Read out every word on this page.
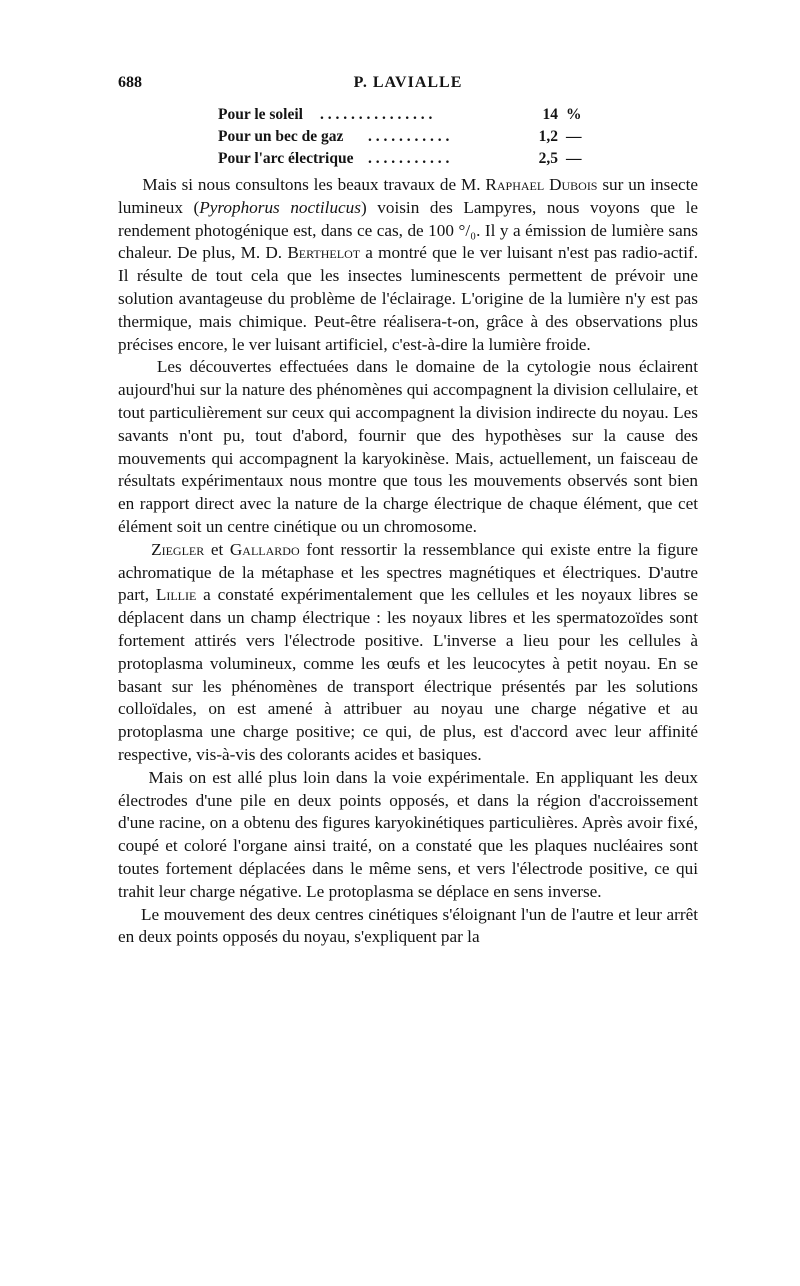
688	P. LAVIALLE
Pour le soleil . . . . . . . . . . . . . . .	14 %
Pour un bec de gaz . . . . . . . . . . .	1,2 —
Pour l'arc électrique . . . . . . . . . . .	2,5 —

Mais si nous consultons les beaux travaux de M. Raphael Dubois sur un insecte lumineux (Pyrophorus noctilucus) voisin des Lampyres, nous voyons que le rendement photogénique est, dans ce cas, de 100 °/₀. Il y a émission de lumière sans chaleur. De plus, M. D. Berthelot a montré que le ver luisant n'est pas radio-actif. Il résulte de tout cela que les insectes luminescents permettent de prévoir une solution avantageuse du problème de l'éclairage. L'origine de la lumière n'y est pas thermique, mais chimique. Peut-être réalisera-t-on, grâce à des observations plus précises encore, le ver luisant artificiel, c'est-à-dire la lumière froide.

Les découvertes effectuées dans le domaine de la cytologie nous éclairent aujourd'hui sur la nature des phénomènes qui accompagnent la division cellulaire, et tout particulièrement sur ceux qui accompagnent la division indirecte du noyau. Les savants n'ont pu, tout d'abord, fournir que des hypothèses sur la cause des mouvements qui accompagnent la karyokinèse. Mais, actuellement, un faisceau de résultats expérimentaux nous montre que tous les mouvements observés sont bien en rapport direct avec la nature de la charge électrique de chaque élément, que cet élément soit un centre cinétique ou un chromosome.

Ziegler et Gallardo font ressortir la ressemblance qui existe entre la figure achromatique de la métaphase et les spectres magnétiques et électriques. D'autre part, Lillie a constaté expérimentalement que les cellules et les noyaux libres se déplacent dans un champ électrique : les noyaux libres et les spermatozoïdes sont fortement attirés vers l'électrode positive. L'inverse a lieu pour les cellules à protoplasma volumineux, comme les œufs et les leucocytes à petit noyau. En se basant sur les phénomènes de transport électrique présentés par les solutions colloïdales, on est amené à attribuer au noyau une charge négative et au protoplasma une charge positive; ce qui, de plus, est d'accord avec leur affinité respective, vis-à-vis des colorants acides et basiques.

Mais on est allé plus loin dans la voie expérimentale. En appliquant les deux électrodes d'une pile en deux points opposés, et dans la région d'accroissement d'une racine, on a obtenu des figures karyokinétiques particulières. Après avoir fixé, coupé et coloré l'organe ainsi traité, on a constaté que les plaques nucléaires sont toutes fortement déplacées dans le même sens, et vers l'électrode positive, ce qui trahit leur charge négative. Le protoplasma se déplace en sens inverse.

Le mouvement des deux centres cinétiques s'éloignant l'un de l'autre et leur arrêt en deux points opposés du noyau, s'expliquent par la
